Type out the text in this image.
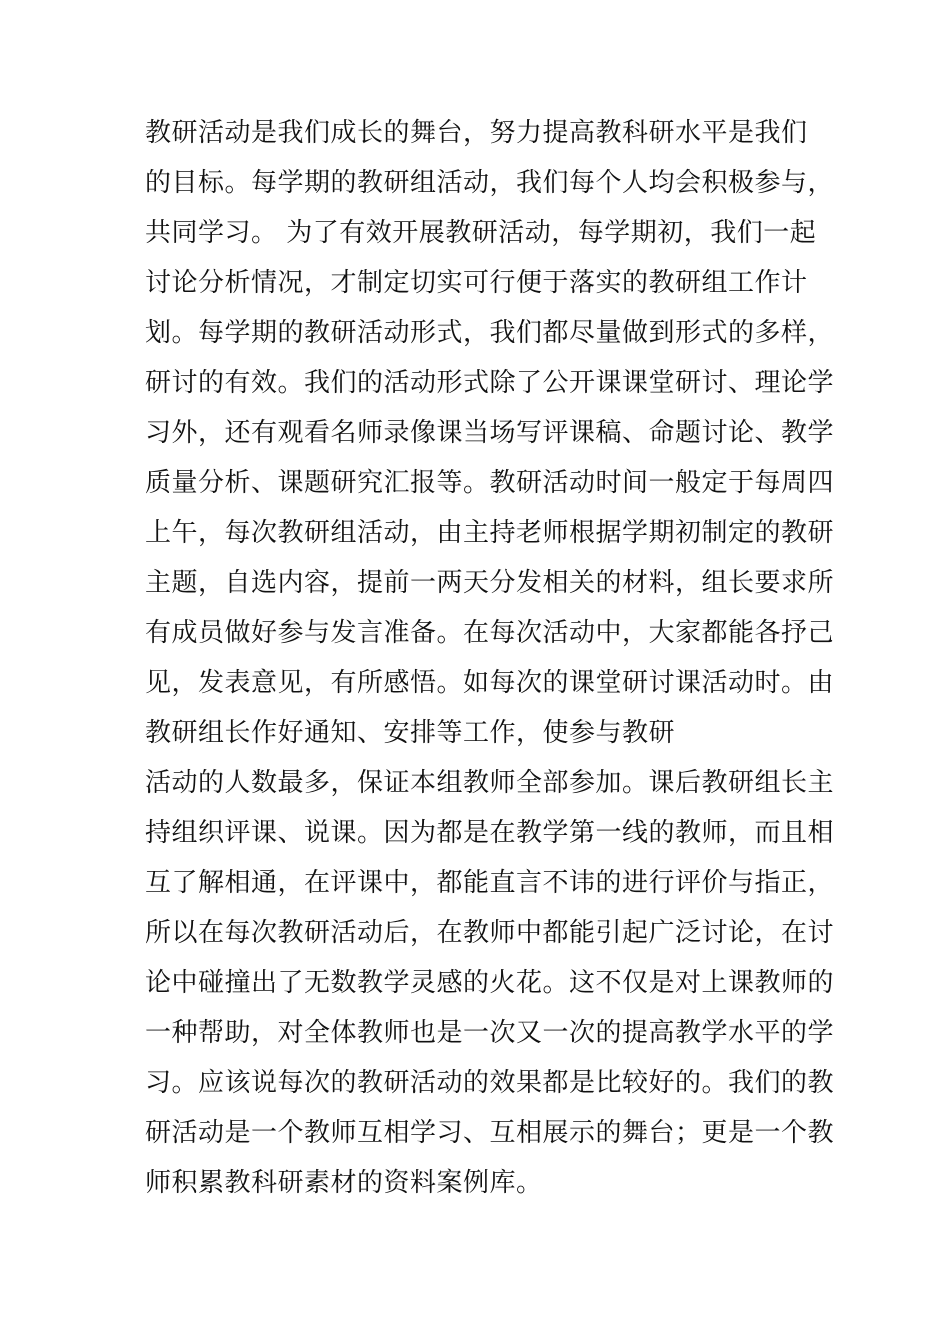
教研活动是我们成长的舞台，努力提高教科研水平是我们
的目标。每学期的教研组活动，我们每个人均会积极参与，
共同学习。 为了有效开展教研活动，每学期初，我们一起
讨论分析情况，才制定切实可行便于落实的教研组工作计
划。每学期的教研活动形式，我们都尽量做到形式的多样，
研讨的有效。我们的活动形式除了公开课课堂研讨、理论学
习外，还有观看名师录像课当场写评课稿、命题讨论、教学
质量分析、课题研究汇报等。教研活动时间一般定于每周四
上午，每次教研组活动，由主持老师根据学期初制定的教研
主题，自选内容，提前一两天分发相关的材料，组长要求所
有成员做好参与发言准备。在每次活动中，大家都能各抒己
见，发表意见，有所感悟。如每次的课堂研讨课活动时。由
教研组长作好通知、安排等工作，使参与教研
活动的人数最多，保证本组教师全部参加。课后教研组长主
持组织评课、说课。因为都是在教学第一线的教师，而且相
互了解相通，在评课中，都能直言不讳的进行评价与指正，
所以在每次教研活动后，在教师中都能引起广泛讨论，在讨
论中碰撞出了无数教学灵感的火花。这不仅是对上课教师的
一种帮助，对全体教师也是一次又一次的提高教学水平的学
习。应该说每次的教研活动的效果都是比较好的。我们的教
研活动是一个教师互相学习、互相展示的舞台；更是一个教
师积累教科研素材的资料案例库。
